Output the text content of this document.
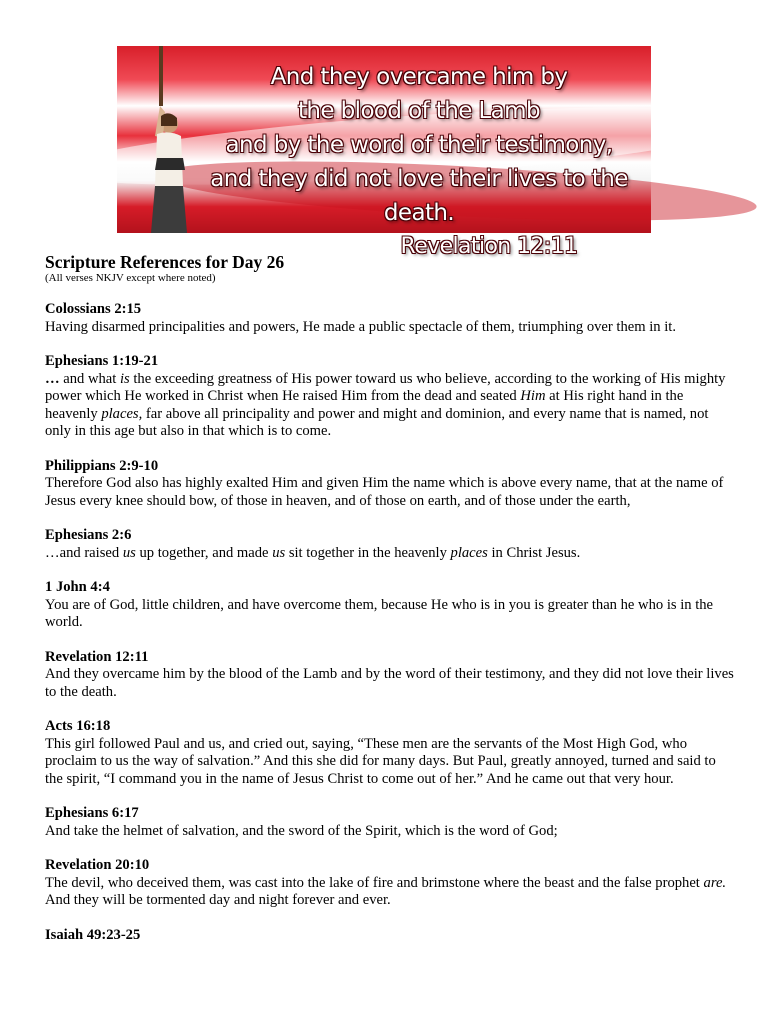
And they overcame him by
the blood of the Lamb
and by the word of their testimony,
and they did not love their lives to the death.
Revelation 12:11

Scripture References for Day 26

(All verses NKJV except where noted)

Colossians 2:15

Having disarmed principalities and powers, He made a public spectacle of them, triumphing over them in it.

Ephesians 1:19-21

… and what is the exceeding greatness of His power toward us who believe, according to the working of His mighty power which He worked in Christ when He raised Him from the dead and seated Him at His right hand in the heavenly places, far above all principality and power and might and dominion, and every name that is named, not only in this age but also in that which is to come.

Philippians 2:9-10

Therefore God also has highly exalted Him and given Him the name which is above every name, that at the name of Jesus every knee should bow, of those in heaven, and of those on earth, and of those under the earth,

Ephesians 2:6

…and raised us up together, and made us sit together in the heavenly places in Christ Jesus.

1 John 4:4

You are of God, little children, and have overcome them, because He who is in you is greater than he who is in the world.

Revelation 12:11

And they overcame him by the blood of the Lamb and by the word of their testimony, and they did not love their lives to the death.

Acts 16:18

This girl followed Paul and us, and cried out, saying, “These men are the servants of the Most High God, who proclaim to us the way of salvation.” And this she did for many days. But Paul, greatly annoyed, turned and said to the spirit, “I command you in the name of Jesus Christ to come out of her.” And he came out that very hour.

Ephesians 6:17

And take the helmet of salvation, and the sword of the Spirit, which is the word of God;

Revelation 20:10

The devil, who deceived them, was cast into the lake of fire and brimstone where the beast and the false prophet are. And they will be tormented day and night forever and ever.

Isaiah 49:23-25
